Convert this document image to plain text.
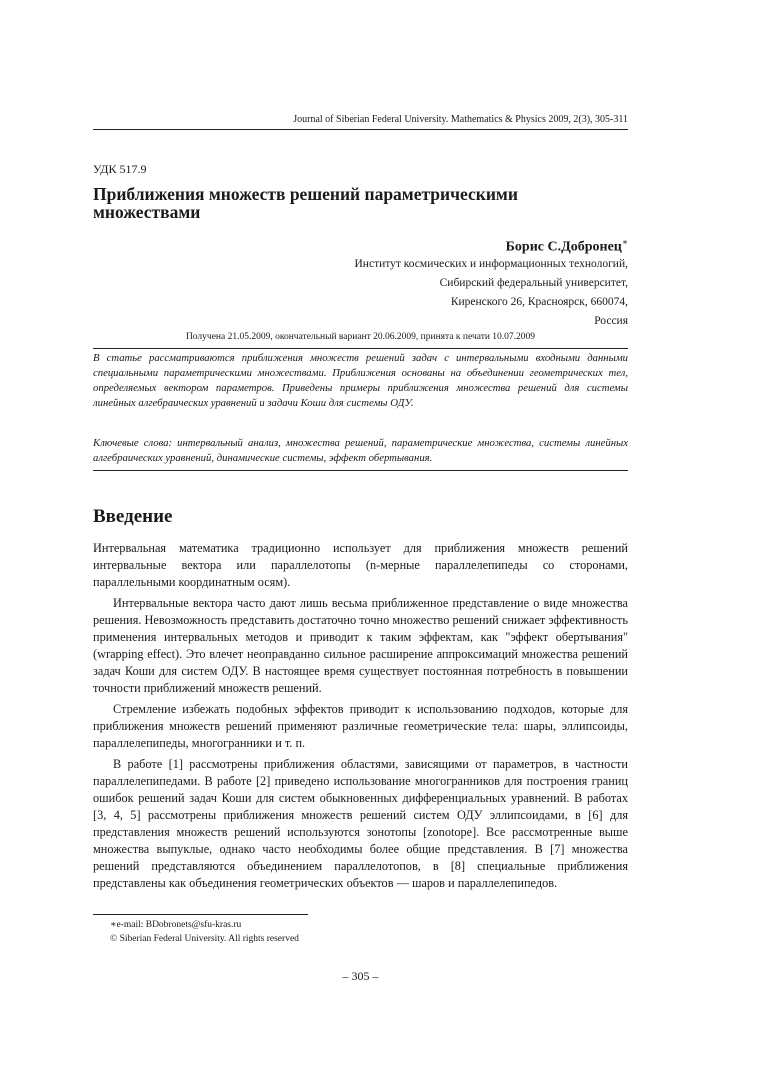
Journal of Siberian Federal University. Mathematics & Physics 2009, 2(3), 305-311
УДК 517.9
Приближения множеств решений параметрическими множествами
Борис С.Добронец∗
Институт космических и информационных технологий,
Сибирский федеральный университет,
Киренского 26, Красноярск, 660074,
Россия
Получена 21.05.2009, окончательный вариант 20.06.2009, принята к печати 10.07.2009
В статье рассматриваются приближения множеств решений задач с интервальными входными данными специальными параметрическими множествами. Приближения основаны на объединении геометрических тел, определяемых вектором параметров. Приведены примеры приближения множества решений для системы линейных алгебраических уравнений и задачи Коши для системы ОДУ.
Ключевые слова: интервальный анализ, множества решений, параметрические множества, системы линейных алгебраических уравнений, динамические системы, эффект обертывания.
Введение

Интервальная математика традиционно использует для приближения множеств решений интервальные вектора или параллелотопы (n-мерные параллелепипеды со сторонами, параллельными координатным осям).

Интервальные вектора часто дают лишь весьма приближенное представление о виде множества решения. Невозможность представить достаточно точно множество решений снижает эффективность применения интервальных методов и приводит к таким эффектам, как "эффект обертывания" (wrapping effect). Это влечет неоправданно сильное расширение аппроксимаций множества решений задач Коши для систем ОДУ. В настоящее время существует постоянная потребность в повышении точности приближений множеств решений.

Стремление избежать подобных эффектов приводит к использованию подходов, которые для приближения множеств решений применяют различные геометрические тела: шары, эллипсоиды, параллелепипеды, многогранники и т. п.

В работе [1] рассмотрены приближения областями, зависящими от параметров, в частности параллелепипедами. В работе [2] приведено использование многогранников для построения границ ошибок решений задач Коши для систем обыкновенных дифференциальных уравнений. В работах [3, 4, 5] рассмотрены приближения множеств решений систем ОДУ эллипсоидами, в [6] для представления множеств решений используются зонотопы [zonotope]. Все рассмотренные выше множества выпуклые, однако часто необходимы более общие представления. В [7] множества решений представляются объединением параллелотопов, в [8] специальные приближения представлены как объединения геометрических объектов — шаров и параллелепипедов.

∗e-mail: BDobronets@sfu-kras.ru
© Siberian Federal University. All rights reserved
– 305 –
